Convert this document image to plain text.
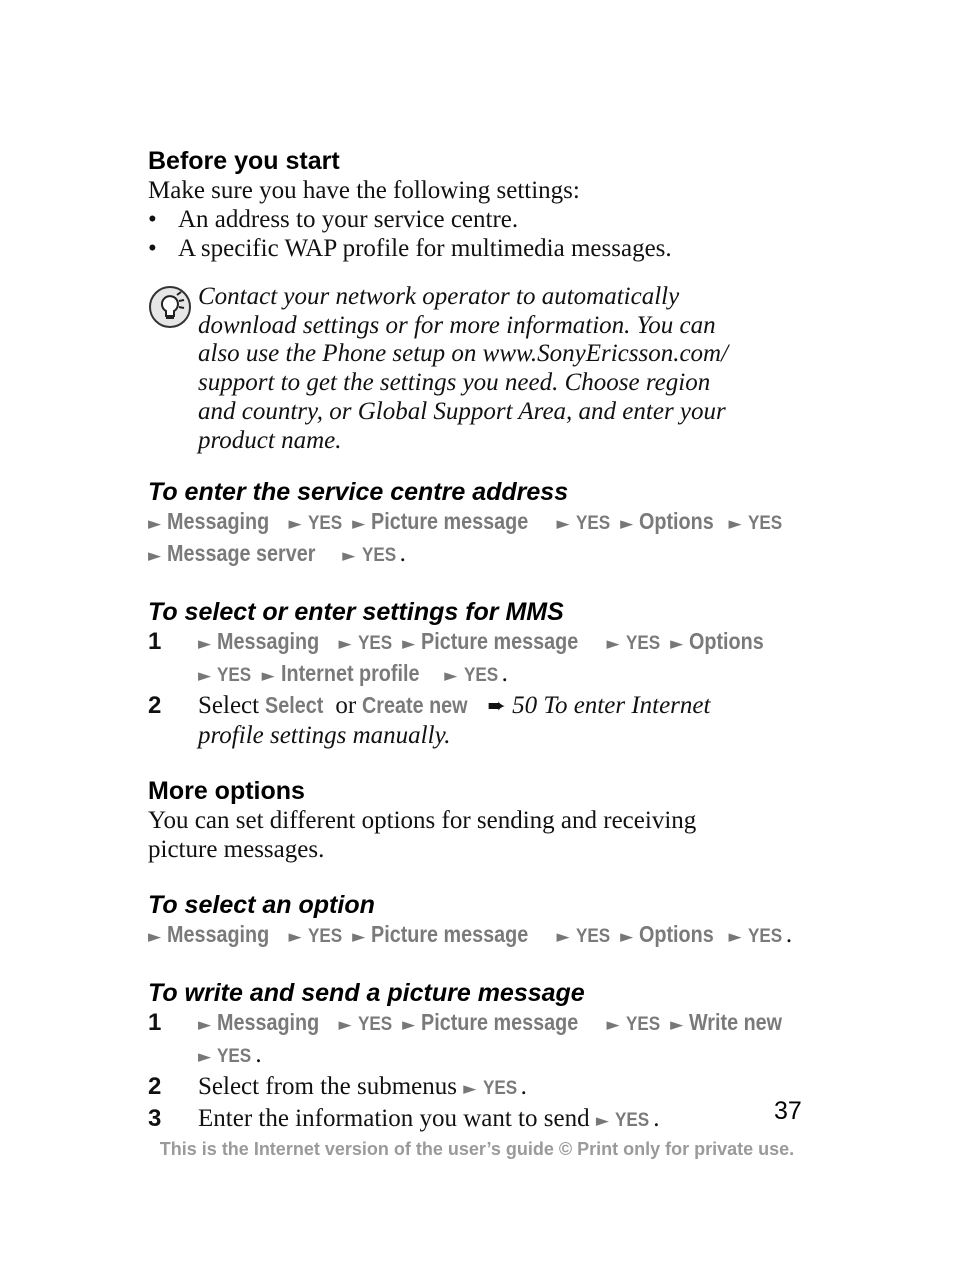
Before you start

Make sure you have the following settings:

• An address to your service centre.
• A specific WAP profile for multimedia messages.
Contact your network operator to automatically
download settings or for more information. You can
also use the Phone setup on www.SonyEricsson.com/
support to get the settings you need. Choose region
and country, or Global Support Area, and enter your
product name.
To enter the service centre address
► Messaging ► YES ► Picture message ► YES ► Options ► YES
► Message server ► YES .
To select or enter settings for MMS
1	► Messaging ► YES ► Picture message ► YES ► Options
► YES ► Internet profile ► YES .
2	Select Select or Create new ➨ 50 To enter Internet
profile settings manually.
More options

You can set different options for sending and receiving

picture messages.

To select an option
► Messaging ► YES ► Picture message ► YES ► Options ► YES .
To write and send a picture message
1	► Messaging ► YES ► Picture message ► YES ► Write new
► YES .
2	Select from the submenus ► YES .
3	Enter the information you want to send ► YES .	37
This is the Internet version of the user’s guide © Print only for private use.
